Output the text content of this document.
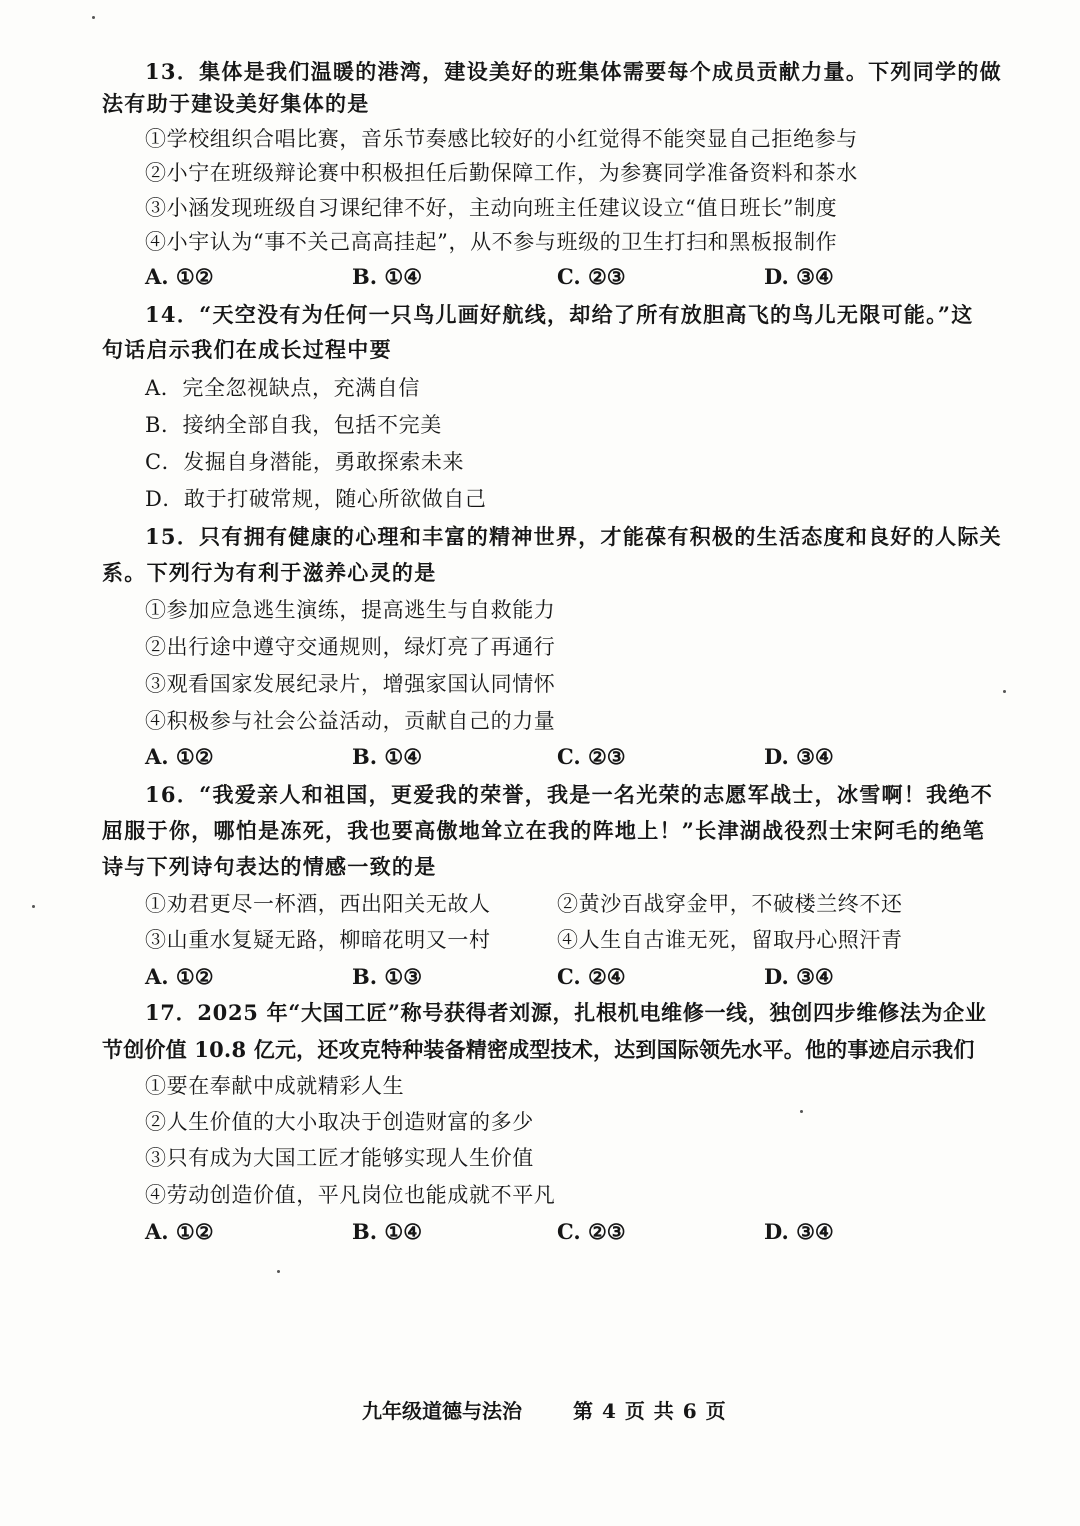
13．集体是我们温暖的港湾，建设美好的班集体需要每个成员贡献力量。下列同学的做
法有助于建设美好集体的是
①学校组织合唱比赛，音乐节奏感比较好的小红觉得不能突显自己拒绝参与
②小宁在班级辩论赛中积极担任后勤保障工作，为参赛同学准备资料和茶水
③小涵发现班级自习课纪律不好，主动向班主任建议设立“值日班长”制度
④小宇认为“事不关己高高挂起”，从不参与班级的卫生打扫和黑板报制作
A. ①②	B. ①④	C. ②③	D. ③④
14．“天空没有为任何一只鸟儿画好航线，却给了所有放胆高飞的鸟儿无限可能。”这
句话启示我们在成长过程中要
A．完全忽视缺点，充满自信
B．接纳全部自我，包括不完美
C．发掘自身潜能，勇敢探索未来
D．敢于打破常规，随心所欲做自己
15．只有拥有健康的心理和丰富的精神世界，才能葆有积极的生活态度和良好的人际关
系。下列行为有利于滋养心灵的是
①参加应急逃生演练，提高逃生与自救能力
②出行途中遵守交通规则，绿灯亮了再通行
③观看国家发展纪录片，增强家国认同情怀
④积极参与社会公益活动，贡献自己的力量
A. ①②	B. ①④	C. ②③	D. ③④
16．“我爱亲人和祖国，更爱我的荣誉，我是一名光荣的志愿军战士，冰雪啊！我绝不
屈服于你，哪怕是冻死，我也要高傲地耸立在我的阵地上！”长津湖战役烈士宋阿毛的绝笔
诗与下列诗句表达的情感一致的是
①劝君更尽一杯酒，西出阳关无故人	②黄沙百战穿金甲，不破楼兰终不还
③山重水复疑无路，柳暗花明又一村	④人生自古谁无死，留取丹心照汗青
A. ①②	B. ①③	C. ②④	D. ③④
17．2025 年“大国工匠”称号获得者刘源，扎根机电维修一线，独创四步维修法为企业
节创价值 10.8 亿元，还攻克特种装备精密成型技术，达到国际领先水平。他的事迹启示我们
①要在奉献中成就精彩人生
②人生价值的大小取决于创造财富的多少
③只有成为大国工匠才能够实现人生价值
④劳动创造价值，平凡岗位也能成就不平凡
A. ①②	B. ①④	C. ②③	D. ③④
九年级道德与法治	第 4 页 共 6 页
